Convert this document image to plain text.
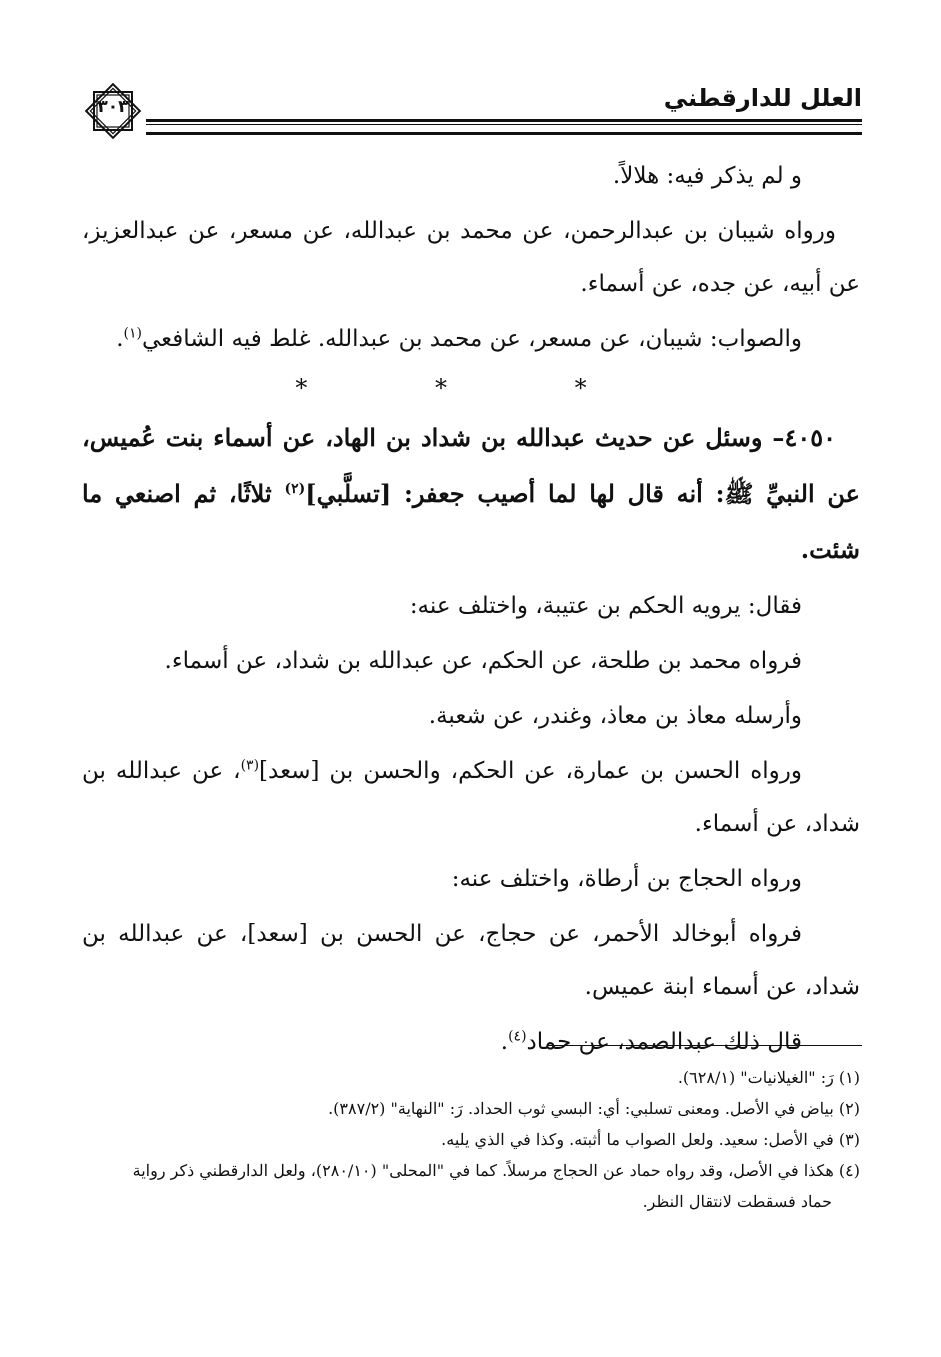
العلل للدارقطني
٣٠٣

و لم يذكر فيه: هلالاً.

ورواه شيبان بن عبدالرحمن، عن محمد بن عبدالله، عن مسعر، عن عبدالعزيز، عن أبيه، عن جده، عن أسماء.

والصواب: شيبان، عن مسعر، عن محمد بن عبدالله. غلط فيه الشافعي$^{(١)}$.

* * *

٤٠٥٠– وسئل عن حديث عبدالله بن شداد بن الهاد، عن أسماء بنت عُميس، عن النبيِّ ﷺ: أنه قال لها لما أصيب جعفر: [تسلَّبي]$^{(٢)}$ ثلاثًا، ثم اصنعي ما شئت.

فقال: يرويه الحكم بن عتيبة، واختلف عنه:

فرواه محمد بن طلحة، عن الحكم، عن عبدالله بن شداد، عن أسماء.

وأرسله معاذ بن معاذ، وغندر، عن شعبة.

ورواه الحسن بن عمارة، عن الحكم، والحسن بن [سعد]$^{(٣)}$، عن عبدالله بن شداد، عن أسماء.

ورواه الحجاج بن أرطاة، واختلف عنه:

فرواه أبوخالد الأحمر، عن حجاج، عن الحسن بن [سعد]، عن عبدالله بن شداد، عن أسماء ابنة عميس.

قال ذلك عبدالصمد، عن حماد$^{(٤)}$.

(١) رَ: "الغيلانيات" (٦٢٨/١).

(٢) بياض في الأصل. ومعنى تسلبي: أي: البسي ثوب الحداد. رَ: "النهاية" (٣٨٧/٢).

(٣) في الأصل: سعيد. ولعل الصواب ما أثبته. وكذا في الذي يليه.

(٤) هكذا في الأصل، وقد رواه حماد عن الحجاج مرسلاً. كما في "المحلى" (٢٨٠/١٠)، ولعل الدارقطني ذكر رواية

حماد فسقطت لانتقال النظر.
